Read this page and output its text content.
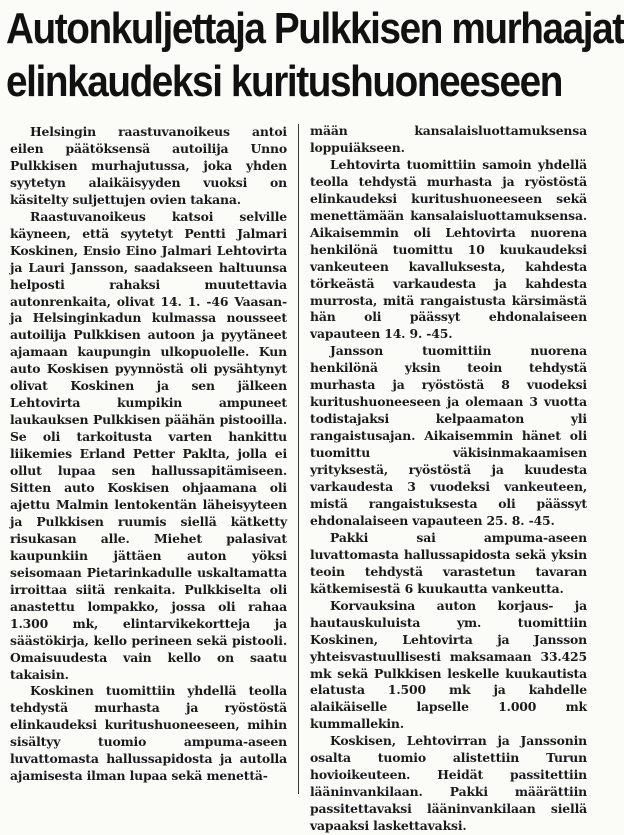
Autonkuljettaja Pulkkisen murhaajat
elinkaudeksi kuritushuoneeseen

Helsingin raastuvanoikeus antoi eilen päätöksensä autoilija Unno Pulkkisen murhajutussa, joka yhden syytetyn alaikäisyyden vuoksi on käsitelty suljettujen ovien takana.

Raastuvanoikeus katsoi selville käyneen, että syytetyt Pentti Jalmari Koskinen, Ensio Eino Jalmari Lehtovirta ja Lauri Jansson, saadakseen haltuunsa helposti rahaksi muutettavia autonrenkaita, olivat 14. 1. -46 Vaasan- ja Helsinginkadun kulmassa nousseet autoilija Pulkkisen autoon ja pyytäneet ajamaan kaupungin ulkopuolelle. Kun auto Koskisen pyynnöstä oli pysähtynyt olivat Koskinen ja sen jälkeen Lehtovirta kumpikin ampuneet laukauksen Pulkkisen päähän pistooilla. Se oli tarkoitusta varten hankittu liikemies Erland Petter Paklta, jolla ei ollut lupaa sen hallussapitämiseen. Sitten auto Koskisen ohjaamana oli ajettu Malmin lentokentän läheisyyteen ja Pulkkisen ruumis siellä kätketty risukasan alle. Miehet palasivat kaupunkiin jättäen auton yöksi seisomaan Pietarinkadulle uskaltamatta irroittaa siitä renkaita. Pulkkiselta oli anastettu lompakko, jossa oli rahaa 1.300 mk, elintarvikekortteja ja säästökirja, kello perineen sekä pistooli. Omaisuudesta vain kello on saatu takaisin.

Koskinen tuomittiin yhdellä teolla tehdystä murhasta ja ryöstöstä elinkaudeksi kuritushuoneeseen, mihin sisältyy tuomio ampuma-aseen luvattomasta hallussapidosta ja autolla ajamisesta ilman lupaa sekä menettä-

mään kansalaisluottamuksensa loppuiäkseen.

Lehtovirta tuomittiin samoin yhdellä teolla tehdystä murhasta ja ryöstöstä elinkaudeksi kuritushuoneeseen sekä menettämään kansalaisluottamuksensa. Aikaisemmin oli Lehtovirta nuorena henkilönä tuomittu 10 kuukaudeksi vankeuteen kavalluksesta, kahdesta törkeästä varkaudesta ja kahdesta murrosta, mitä rangaistusta kärsimästä hän oli päässyt ehdonalaiseen vapauteen 14. 9. -45.

Jansson tuomittiin nuorena henkilönä yksin teoin tehdystä murhasta ja ryöstöstä 8 vuodeksi kuritushuoneeseen ja olemaan 3 vuotta todistajaksi kelpaamaton yli rangaistusajan. Aikaisemmin hänet oli tuomittu väkisinmakaamisen yrityksestä, ryöstöstä ja kuudesta varkaudesta 3 vuodeksi vankeuteen, mistä rangaistuksesta oli päässyt ehdonalaiseen vapauteen 25. 8. -45.

Pakki sai ampuma-aseen luvattomasta hallussapidosta sekä yksin teoin tehdystä varastetun tavaran kätkemisestä 6 kuukautta vankeutta.

Korvauksina auton korjaus- ja hautauskuluista ym. tuomittiin Koskinen, Lehtovirta ja Jansson yhteisvastuullisesti maksamaan 33.425 mk sekä Pulkkisen leskelle kuukautista elatusta 1.500 mk ja kahdelle alaikäiselle lapselle 1.000 mk kummallekin.

Koskisen, Lehtovirran ja Janssonin osalta tuomio alistettiin Turun hovioikeuteen. Heidät passitettiin lääninvankilaan. Pakki määrättiin passitettavaksi lääninvankilaan siellä vapaaksi laskettavaksi.
